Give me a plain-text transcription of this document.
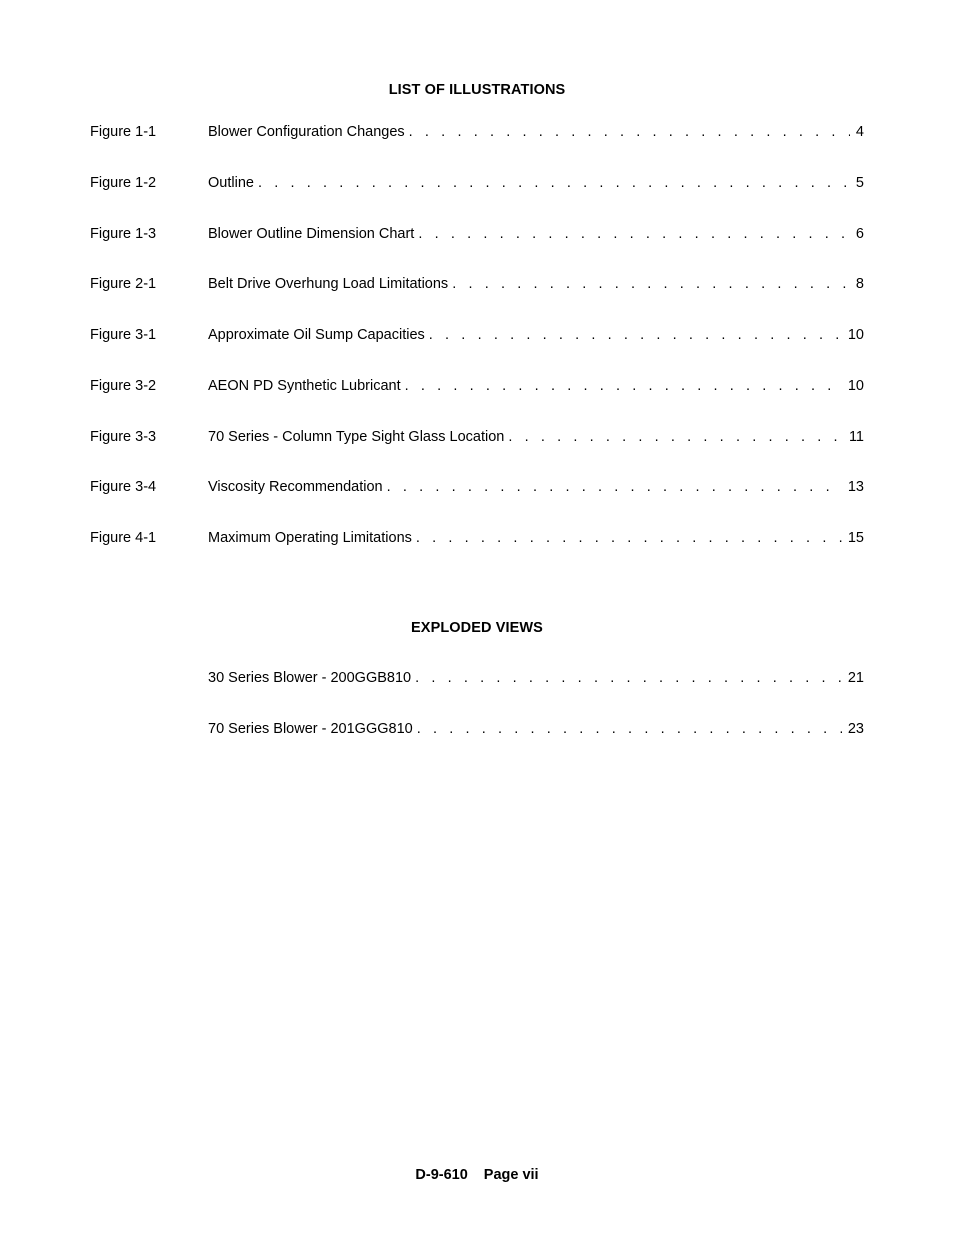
LIST OF ILLUSTRATIONS
Figure 1-1	Blower Configuration Changes . . .	4
Figure 1-2	Outline . . .	5
Figure 1-3	Blower Outline Dimension Chart . . .	6
Figure 2-1	Belt Drive Overhung Load Limitations . . .	8
Figure 3-1	Approximate Oil Sump Capacities . . .	10
Figure 3-2	AEON PD Synthetic Lubricant . . .	10
Figure 3-3	70 Series - Column Type Sight Glass Location . . .	11
Figure 3-4	Viscosity Recommendation . . .	13
Figure 4-1	Maximum Operating Limitations . . .	15
EXPLODED VIEWS
30 Series Blower - 200GGB810 . . .	21
70 Series Blower - 201GGG810 . . .	23
D-9-610 Page vii
